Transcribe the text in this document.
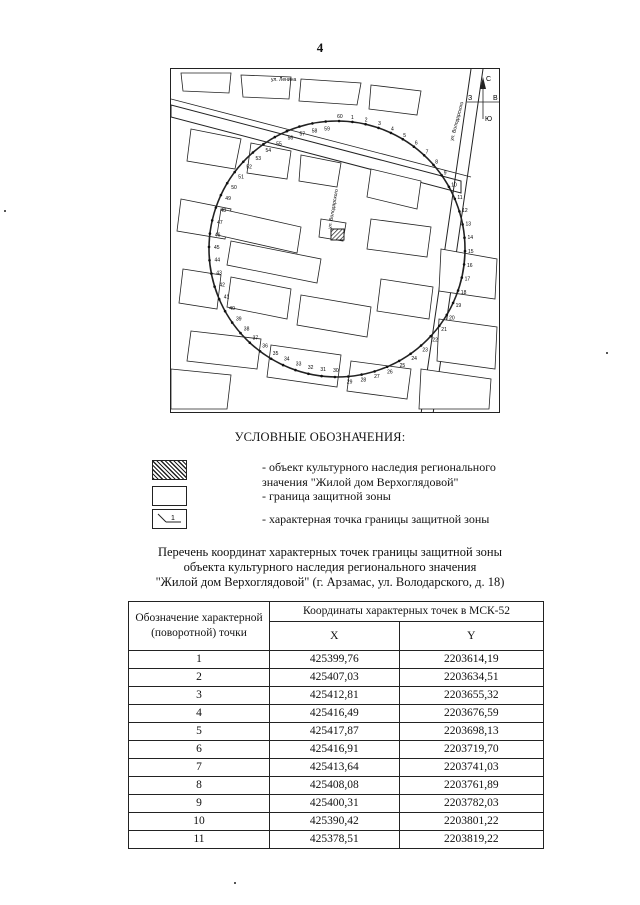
4
1 2
3
4
5
6
7
8
9
10
11
12
13
14
15
16
17
18
19
20
21
22
23
24
25
26
27
28
29
30
31
32
33
34
35
36
37
38
39
40
41
42
43
44
45
46
47
48
49
50
51
52
53
54
55
56
57 58 59
60
ул. Ленина
ул. Володарского
ул. Володарского
С
З	В
Ю
УСЛОВНЫЕ ОБОЗНАЧЕНИЯ:
- объект культурного наследия регионального
значения "Жилой дом Верхоглядовой"
- граница защитной зоны
1	- характерная точка границы защитной зоны
Перечень координат характерных точек границы защитной зоны
объекта культурного наследия регионального значения
"Жилой дом Верхоглядовой" (г. Арзамас, ул. Володарского, д. 18)
Обозначение характерной (поворотной) точки	Координаты характерных точек в МСК-52	
	X	Y
1	425399,76	2203614,19
2	425407,03	2203634,51
3	425412,81	2203655,32
4	425416,49	2203676,59
5	425417,87	2203698,13
6	425416,91	2203719,70
7	425413,64	2203741,03
8	425408,08	2203761,89
9	425400,31	2203782,03
10	425390,42	2203801,22
11	425378,51	2203819,22
